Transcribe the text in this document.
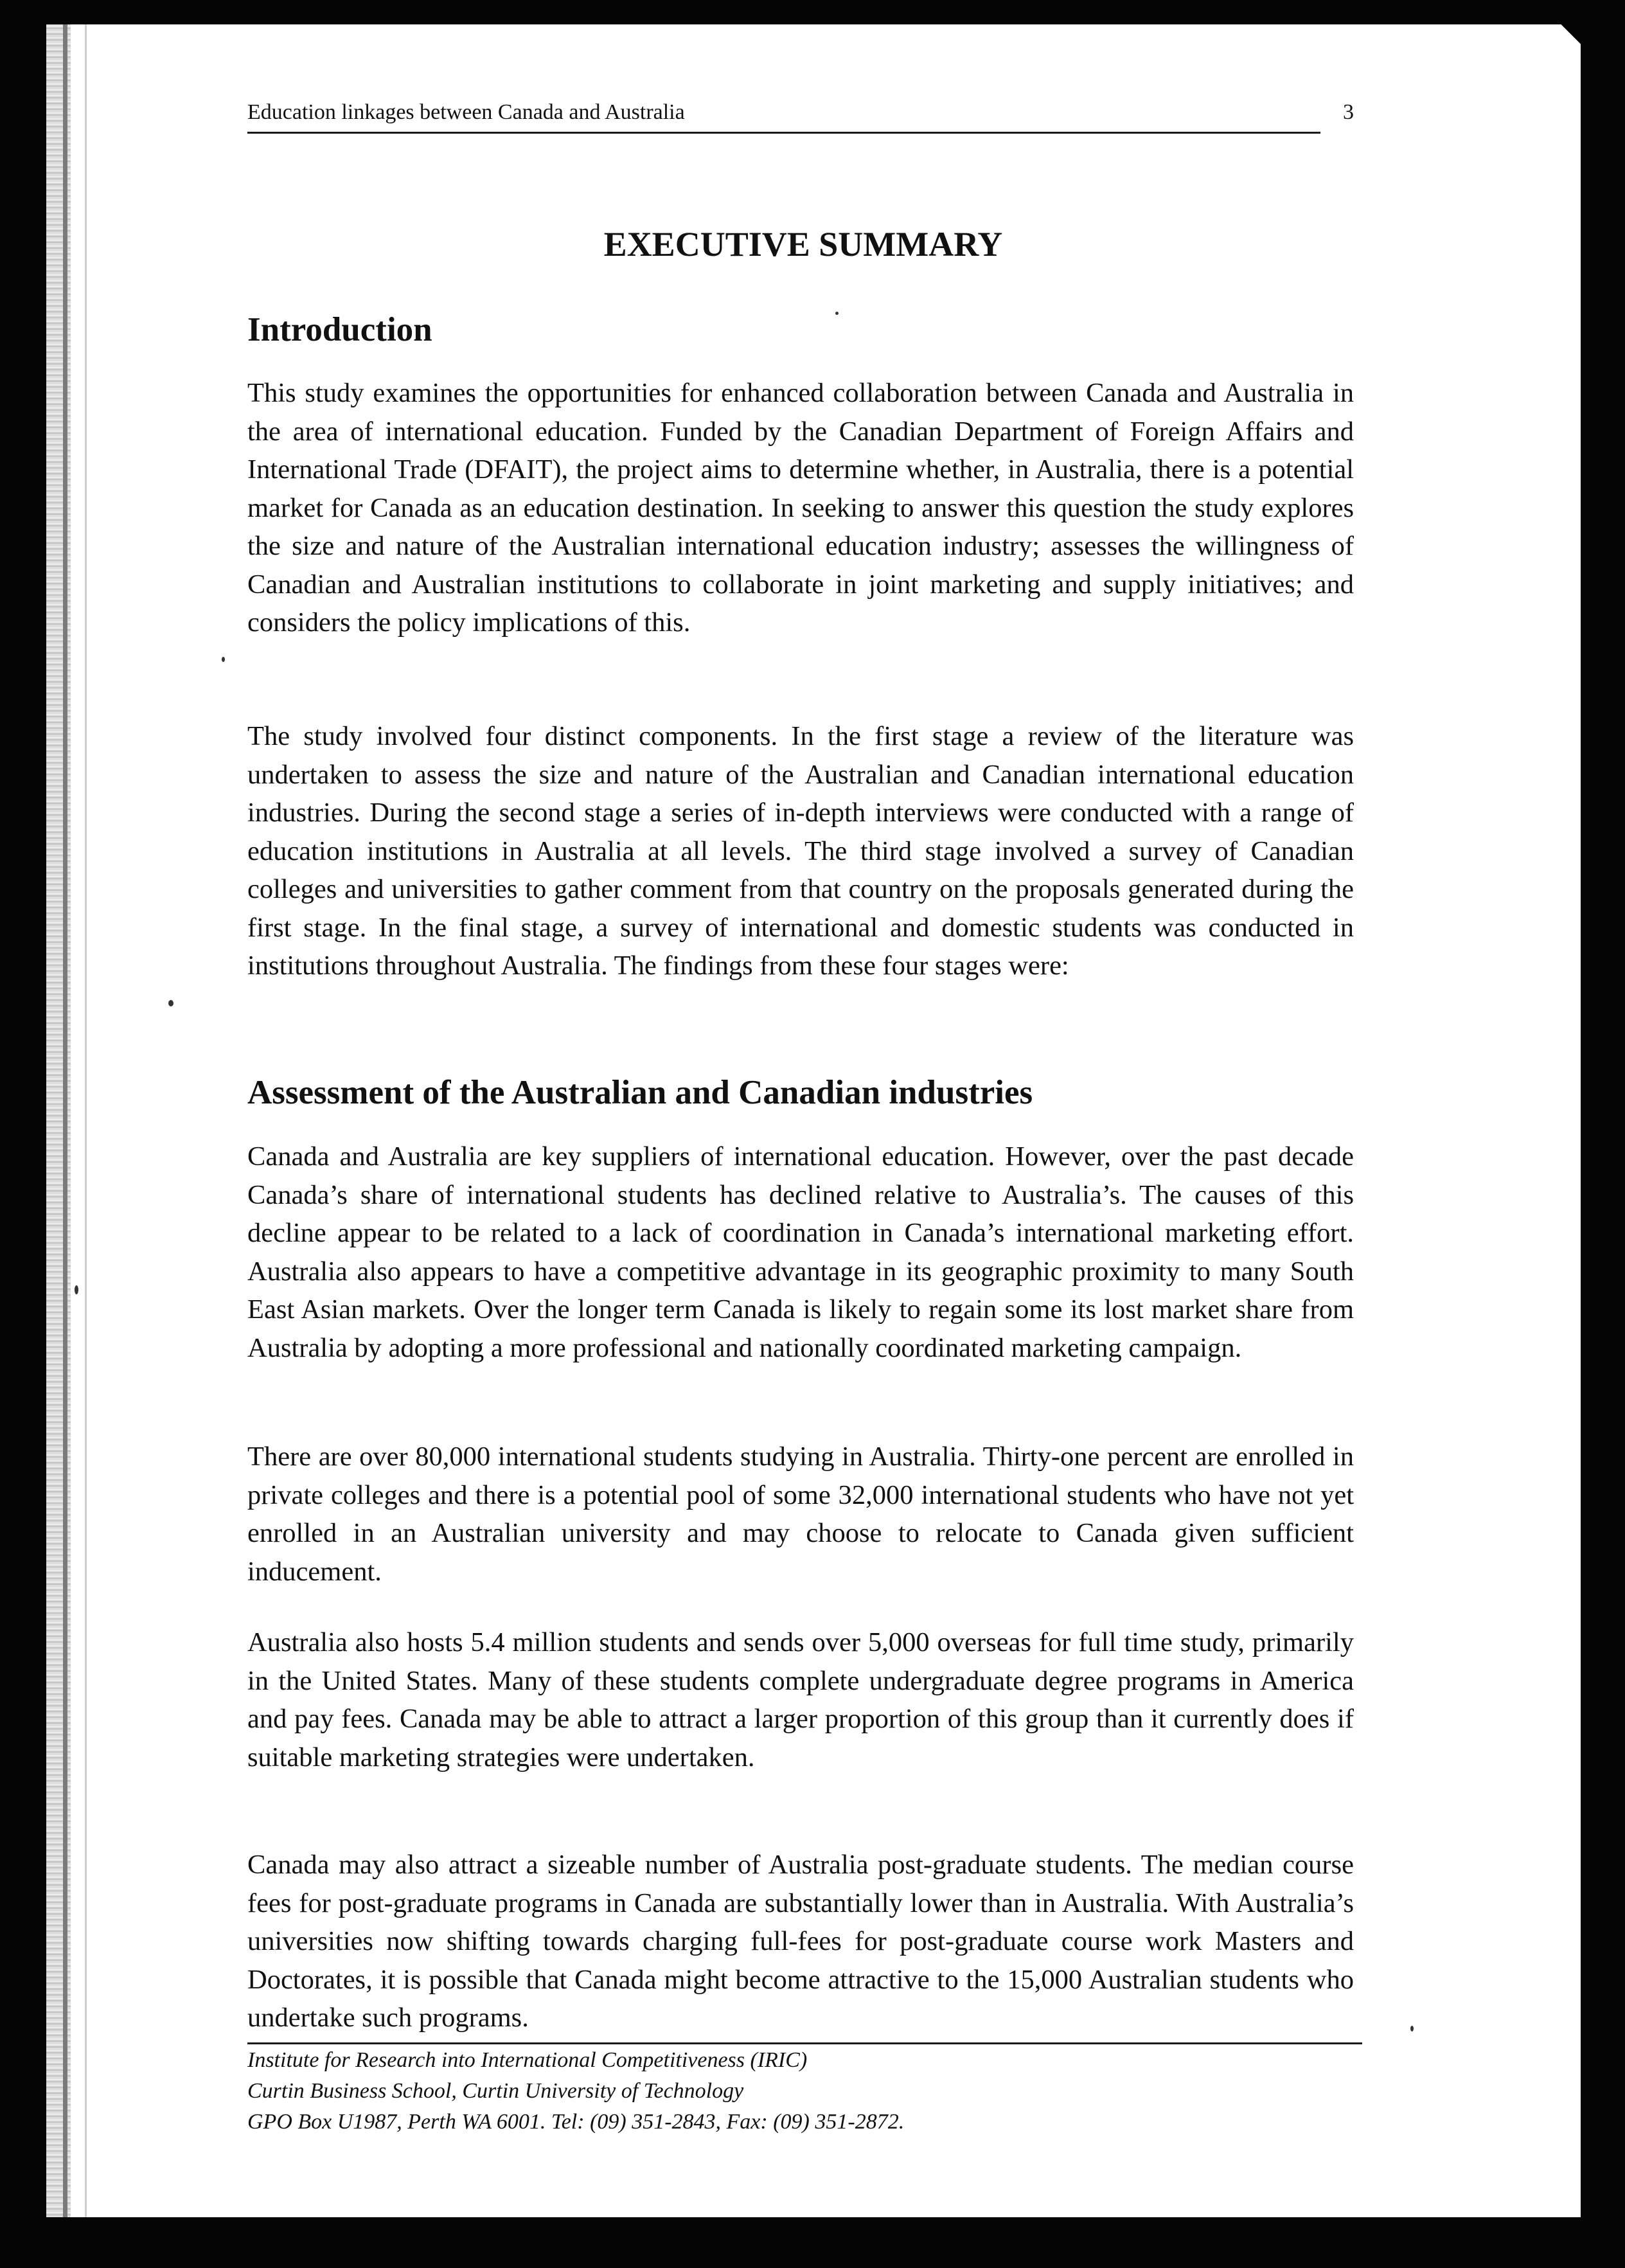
Education linkages between Canada and Australia	3
EXECUTIVE SUMMARY
Introduction
This study examines the opportunities for enhanced collaboration between Canada and Australia in the area of international education. Funded by the Canadian Department of Foreign Affairs and International Trade (DFAIT), the project aims to determine whether, in Australia, there is a potential market for Canada as an education destination. In seeking to answer this question the study explores the size and nature of the Australian international education industry; assesses the willingness of Canadian and Australian institutions to collaborate in joint marketing and supply initiatives; and considers the policy implications of this.
The study involved four distinct components. In the first stage a review of the literature was undertaken to assess the size and nature of the Australian and Canadian international education industries. During the second stage a series of in-depth interviews were conducted with a range of education institutions in Australia at all levels. The third stage involved a survey of Canadian colleges and universities to gather comment from that country on the proposals generated during the first stage. In the final stage, a survey of international and domestic students was conducted in institutions throughout Australia. The findings from these four stages were:
Assessment of the Australian and Canadian industries
Canada and Australia are key suppliers of international education. However, over the past decade Canada’s share of international students has declined relative to Australia’s. The causes of this decline appear to be related to a lack of coordination in Canada’s international marketing effort. Australia also appears to have a competitive advantage in its geographic proximity to many South East Asian markets. Over the longer term Canada is likely to regain some its lost market share from Australia by adopting a more professional and nationally coordinated marketing campaign.
There are over 80,000 international students studying in Australia. Thirty-one percent are enrolled in private colleges and there is a potential pool of some 32,000 international students who have not yet enrolled in an Australian university and may choose to relocate to Canada given sufficient inducement.
Australia also hosts 5.4 million students and sends over 5,000 overseas for full time study, primarily in the United States. Many of these students complete undergraduate degree programs in America and pay fees. Canada may be able to attract a larger proportion of this group than it currently does if suitable marketing strategies were undertaken.
Canada may also attract a sizeable number of Australia post-graduate students. The median course fees for post-graduate programs in Canada are substantially lower than in Australia. With Australia’s universities now shifting towards charging full-fees for post-graduate course work Masters and Doctorates, it is possible that Canada might become attractive to the 15,000 Australian students who undertake such programs.
Institute for Research into International Competitiveness (IRIC)
Curtin Business School, Curtin University of Technology
GPO Box U1987, Perth WA 6001. Tel: (09) 351-2843, Fax: (09) 351-2872.
